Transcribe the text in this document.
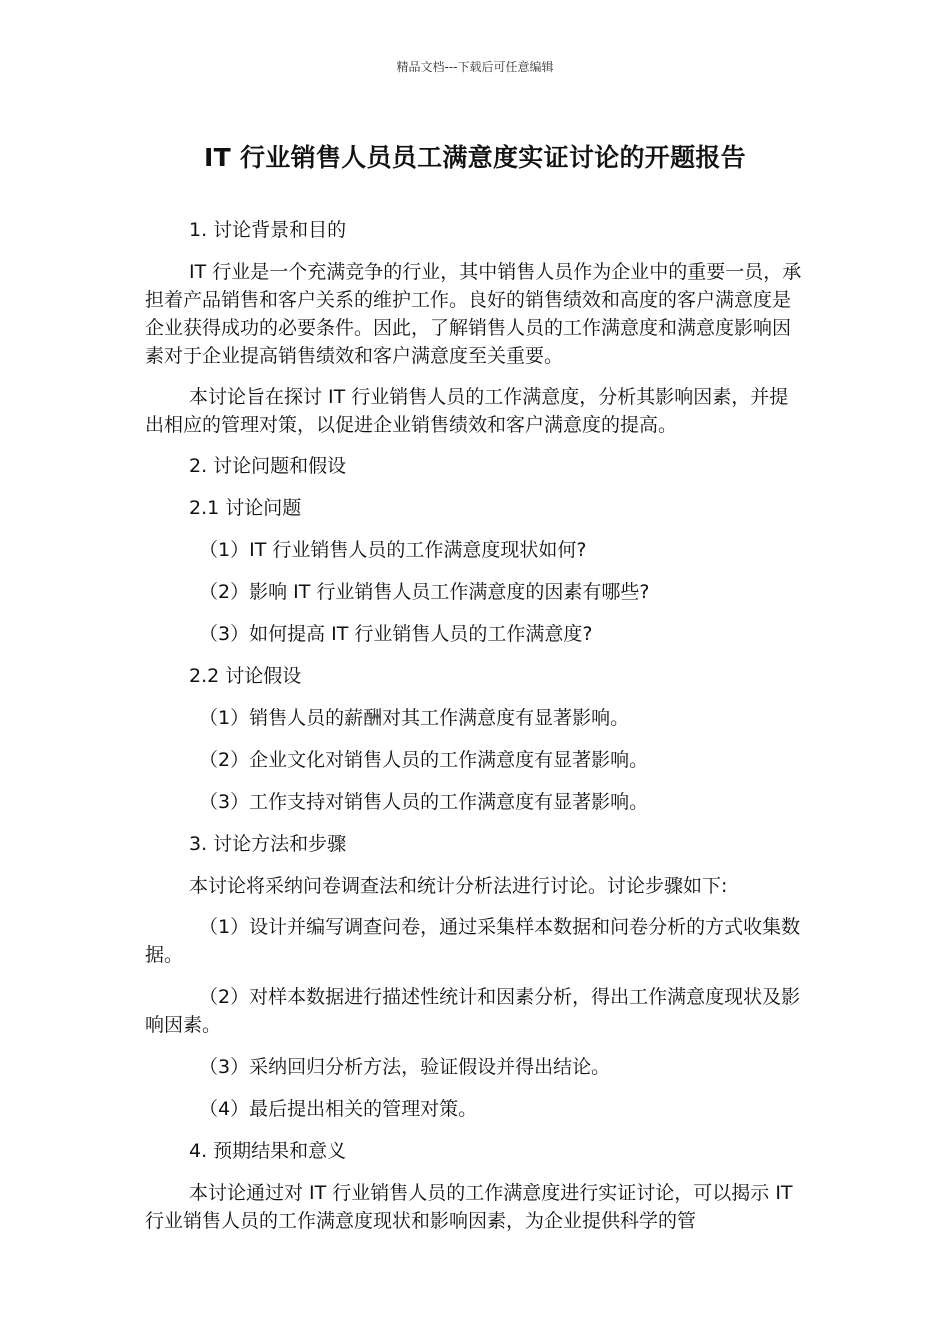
精品文档---下载后可任意编辑
IT 行业销售人员员工满意度实证讨论的开题报告

1. 讨论背景和目的

IT 行业是一个充满竞争的行业，其中销售人员作为企业中的重要一员，承担着产品销售和客户关系的维护工作。良好的销售绩效和高度的客户满意度是企业获得成功的必要条件。因此，了解销售人员的工作满意度和满意度影响因素对于企业提高销售绩效和客户满意度至关重要。

本讨论旨在探讨 IT 行业销售人员的工作满意度，分析其影响因素，并提出相应的管理对策，以促进企业销售绩效和客户满意度的提高。

2. 讨论问题和假设

2.1 讨论问题

（1）IT 行业销售人员的工作满意度现状如何?

（2）影响 IT 行业销售人员工作满意度的因素有哪些?

（3）如何提高 IT 行业销售人员的工作满意度?

2.2 讨论假设

（1）销售人员的薪酬对其工作满意度有显著影响。

（2）企业文化对销售人员的工作满意度有显著影响。

（3）工作支持对销售人员的工作满意度有显著影响。

3. 讨论方法和步骤

本讨论将采纳问卷调查法和统计分析法进行讨论。讨论步骤如下:

（1）设计并编写调查问卷，通过采集样本数据和问卷分析的方式收集数据。

（2）对样本数据进行描述性统计和因素分析，得出工作满意度现状及影响因素。

（3）采纳回归分析方法，验证假设并得出结论。

（4）最后提出相关的管理对策。

4. 预期结果和意义

本讨论通过对 IT 行业销售人员的工作满意度进行实证讨论，可以揭示 IT 行业销售人员的工作满意度现状和影响因素，为企业提供科学的管
